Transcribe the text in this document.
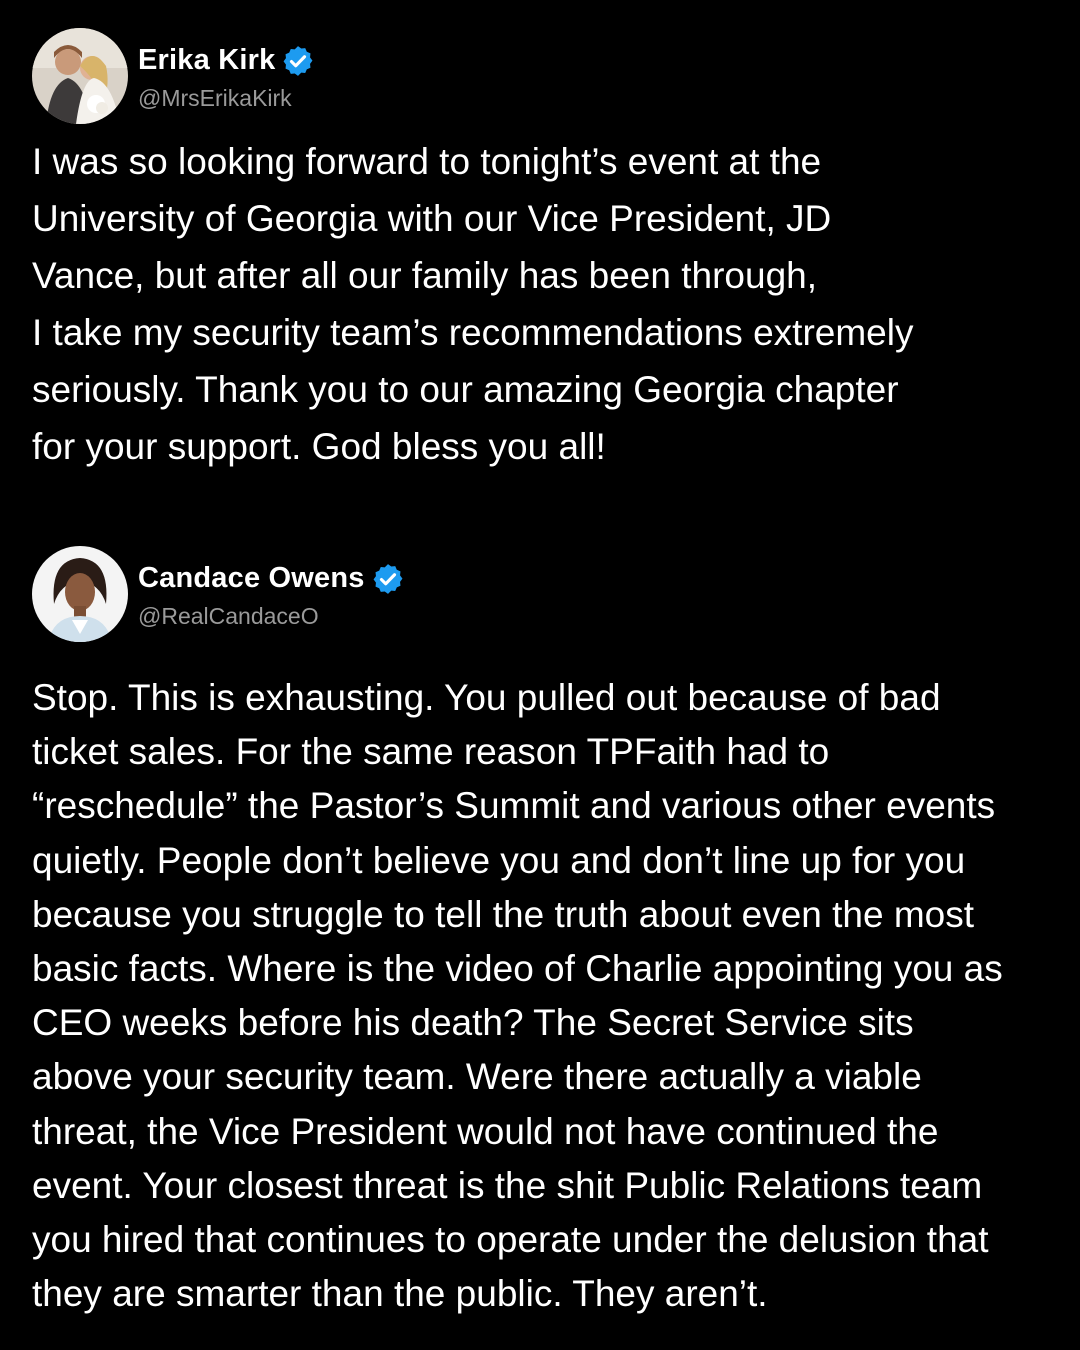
Erika Kirk
@MrsErikaKirk

I was so looking forward to tonight’s event at the
University of Georgia with our Vice President, JD
Vance, but after all our family has been through,
I take my security team’s recommendations extremely
seriously. Thank you to our amazing Georgia chapter
for your support. God bless you all!

Candace Owens
@RealCandaceO

Stop. This is exhausting. You pulled out because of bad
ticket sales. For the same reason TPFaith had to
“reschedule” the Pastor’s Summit and various other events
quietly. People don’t believe you and don’t line up for you
because you struggle to tell the truth about even the most
basic facts. Where is the video of Charlie appointing you as
CEO weeks before his death? The Secret Service sits
above your security team. Were there actually a viable
threat, the Vice President would not have continued the
event. Your closest threat is the shit Public Relations team
you hired that continues to operate under the delusion that
they are smarter than the public. They aren’t.
